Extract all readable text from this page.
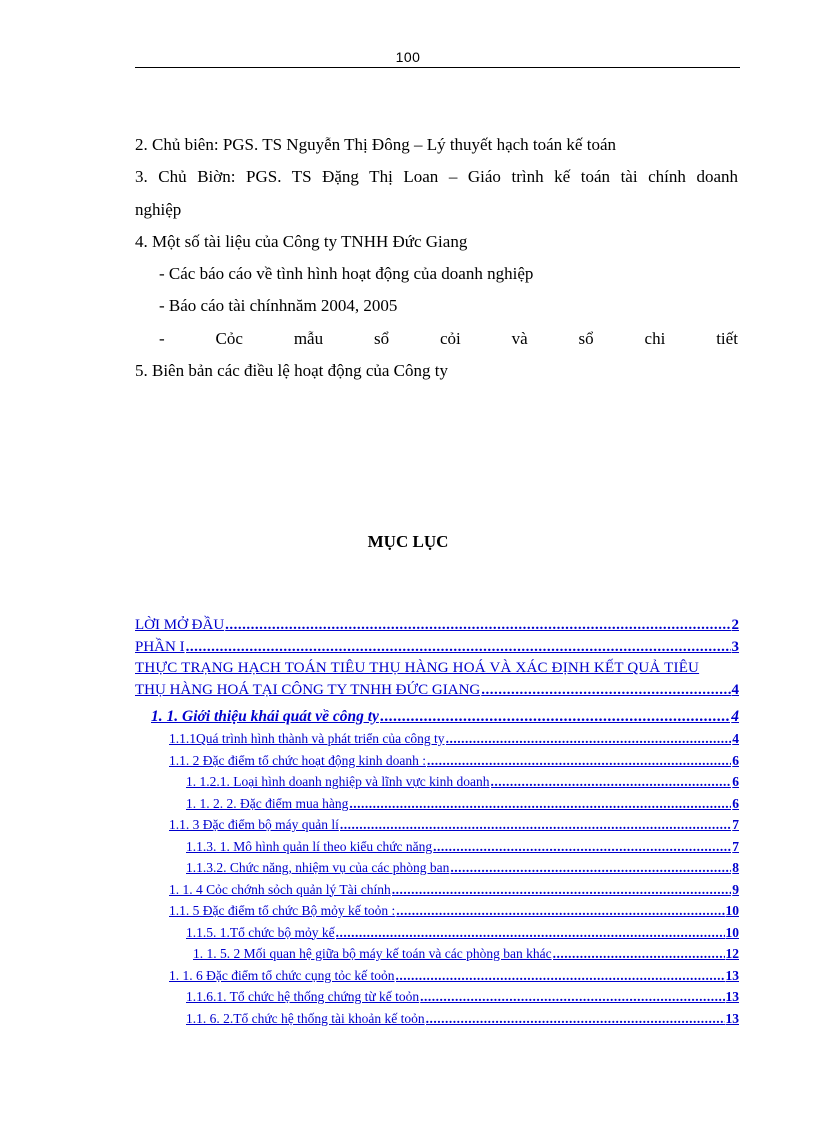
100

2. Chủ biên: PGS. TS Nguyễn Thị Đông – Lý thuyết hạch toán kế toán

3. Chủ Biờn: PGS. TS Đặng Thị Loan – Giáo trình kế toán tài chính doanh

nghiệp

4. Một số tài liệu của Công ty TNHH Đức Giang

- Các báo cáo về tình hình hoạt động của doanh nghiệp

- Báo cáo tài chínhnăm 2004, 2005

-	Cỏc	mẫu	sổ	cỏi	và	sổ	chi	tiết

5. Biên bản các điều lệ hoạt động của Công ty

MỤC LỤC
LỜI MỞ ĐẦU .....	2
PHẦN I .....	3
THỰC TRẠNG HẠCH TOÁN TIÊU THỤ HÀNG HOÁ VÀ XÁC ĐỊNH KẾT QUẢ TIÊU
THỤ HÀNG HOÁ TẠI CÔNG TY TNHH ĐỨC GIANG .....	4
1. 1. Giới thiệu khái quát về công ty .....	4
1.1.1Quá trình hình thành và phát triển của công ty .....	4
1.1. 2 Đặc điểm tổ chức hoạt động kinh doanh : .....	6
1. 1.2.1. Loại hình doanh nghiệp và lĩnh vực kinh doanh .....	6
1. 1. 2. 2. Đặc điểm mua hàng .....	6
1.1. 3 Đặc điểm bộ máy quản lí .....	7
1.1.3. 1. Mô hình quản lí theo kiểu chức năng .....	7
1.1.3.2. Chức năng, nhiệm vụ của các phòng ban .....	8
1. 1. 4 Cỏc chớnh sỏch quản lý Tài chính .....	9
1.1. 5 Đặc điểm tổ chức Bộ mỏy kế toỏn : .....	10
1.1.5. 1.Tổ chức bộ mỏy kế .....	10
1. 1. 5. 2 Mối quan hệ giữa bộ máy kế toán và các phòng ban khác .....	12
1. 1. 6 Đặc điểm tổ chức cụng tỏc kế toỏn .....	13
1.1.6.1. Tổ chức hệ thống chứng từ kế toỏn .....	13
1.1. 6. 2.Tổ chức hệ thống tài khoản kế toỏn .....	13
